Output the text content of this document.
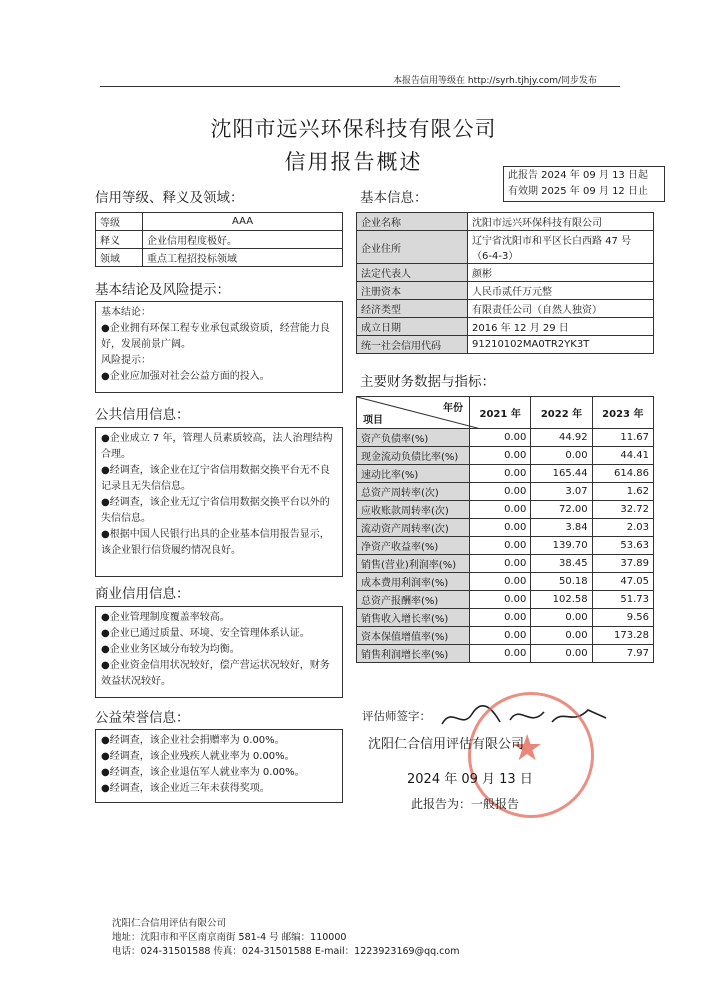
本报告信用等级在 http://syrh.tjhjy.com/同步发布
沈阳市远兴环保科技有限公司
信用报告概述
此报告 2024 年 09 月 13 日起
有效期 2025 年 09 月 12 日止
信用等级、释义及领域：
等级	AAA
释义	企业信用程度极好。
领域	重点工程招投标领域
基本结论及风险提示：
基本结论：
●企业拥有环保工程专业承包贰级资质，经营能力良好，发展前景广阔。
风险提示：
●企业应加强对社会公益方面的投入。
公共信用信息：
●企业成立 7 年，管理人员素质较高，法人治理结构合理。
●经调查，该企业在辽宁省信用数据交换平台无不良记录且无失信信息。
●经调查，该企业无辽宁省信用数据交换平台以外的失信信息。
●根据中国人民银行出具的企业基本信用报告显示，该企业银行信贷履约情况良好。
商业信用信息：
●企业管理制度覆盖率较高。
●企业已通过质量、环境、安全管理体系认证。
●企业业务区域分布较为均衡。
●企业资金信用状况较好，偿产营运状况较好，财务效益状况较好。
公益荣誉信息：
●经调查，该企业社会捐赠率为 0.00%。
●经调查，该企业残疾人就业率为 0.00%。
●经调查，该企业退伍军人就业率为 0.00%。
●经调查，该企业近三年未获得奖项。
基本信息：
企业名称	沈阳市远兴环保科技有限公司
企业住所	辽宁省沈阳市和平区长白西路 47 号（6-4-3）
法定代表人	颜彬
注册资本	人民币贰仟万元整
经济类型	有限责任公司（自然人独资）
成立日期	2016 年 12 月 29 日
统一社会信用代码	91210102MA0TR2YK3T
主要财务数据与指标：
年份
项目	2021 年	2022 年	2023 年
资产负债率(%)	0.00	44.92	11.67
现金流动负债比率(%)	0.00	0.00	44.41
速动比率(%)	0.00	165.44	614.86
总资产周转率(次)	0.00	3.07	1.62
应收账款周转率(次)	0.00	72.00	32.72
流动资产周转率(次)	0.00	3.84	2.03
净资产收益率(%)	0.00	139.70	53.63
销售(营业)利润率(%)	0.00	38.45	37.89
成本费用利润率(%)	0.00	50.18	47.05
总资产报酬率(%)	0.00	102.58	51.73
销售收入增长率(%)	0.00	0.00	9.56
资本保值增值率(%)	0.00	0.00	173.28
销售利润增长率(%)	0.00	0.00	7.97
评估师签字：
★
沈阳仁合信用评估有限公司
2024 年 09 月 13 日
此报告为：一般报告
沈阳仁合信用评估有限公司
地址：沈阳市和平区南京南街 581-4 号 邮编：110000
电话：024-31501588 传真：024-31501588 E-mail：1223923169@qq.com
